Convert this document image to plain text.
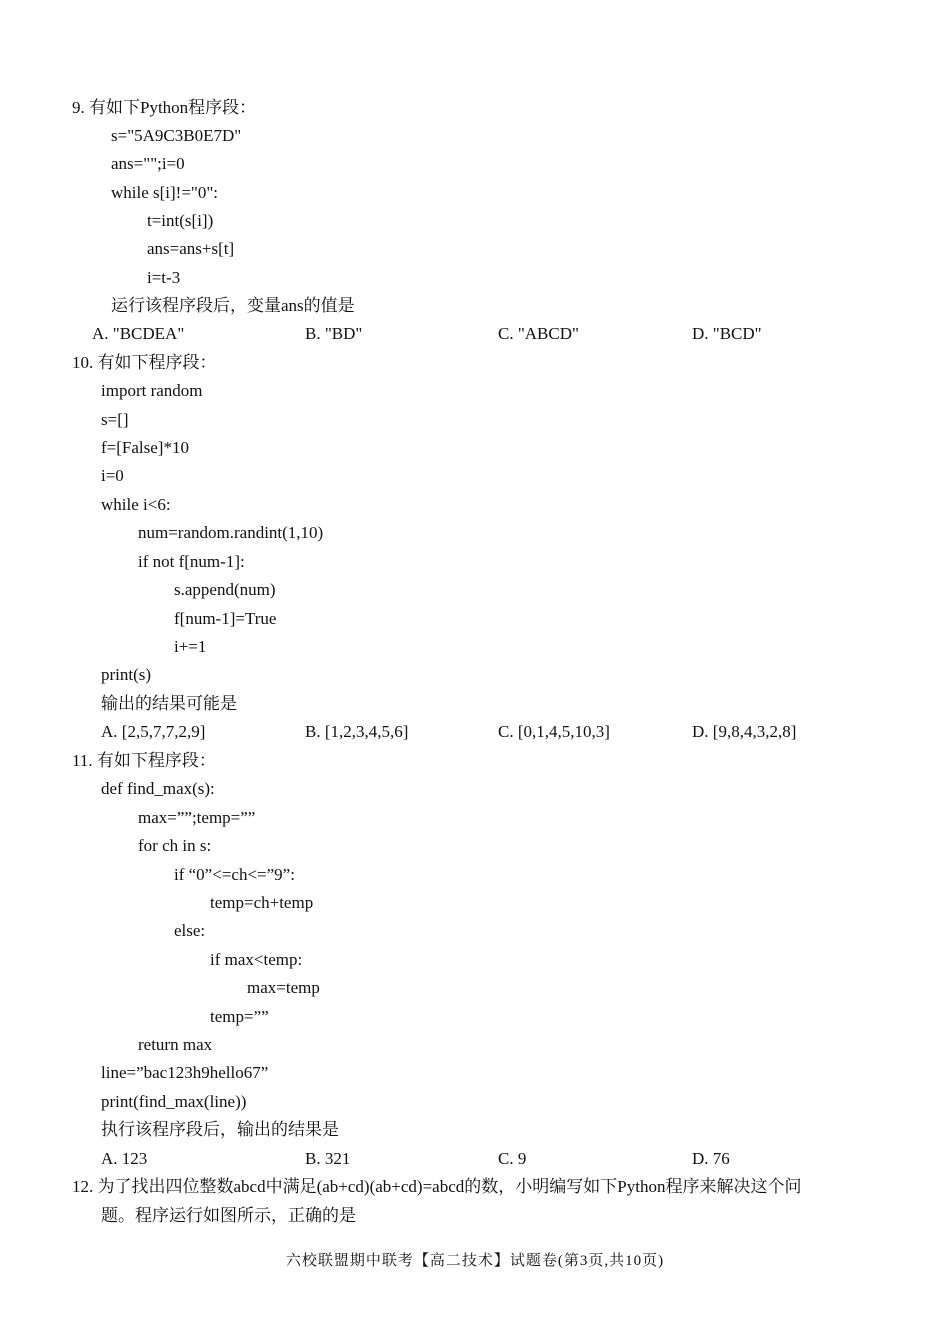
9. 有如下Python程序段：
s="5A9C3B0E7D"
ans="";i=0
while s[i]!="0":
t=int(s[i])
ans=ans+s[t]
i=t-3
运行该程序段后，变量ans的值是
A. "BCDEA"	B. "BD"	C. "ABCD"	D. "BCD"
10. 有如下程序段：
import random
s=[]
f=[False]*10
i=0
while i<6:
num=random.randint(1,10)
if not f[num-1]:
s.append(num)
f[num-1]=True
i+=1
print(s)
输出的结果可能是
A. [2,5,7,7,2,9]	B. [1,2,3,4,5,6]	C. [0,1,4,5,10,3]	D. [9,8,4,3,2,8]
11. 有如下程序段：
def find_max(s):
max=””;temp=””
for ch in s:
if “0”<=ch<=”9”:
temp=ch+temp
else:
if max<temp:
max=temp
temp=””
return max
line=”bac123h9hello67”
print(find_max(line))
执行该程序段后，输出的结果是
A. 123	B. 321	C. 9	D. 76
12. 为了找出四位整数abcd中满足(ab+cd)(ab+cd)=abcd的数，小明编写如下Python程序来解决这个问
题。程序运行如图所示，正确的是
六校联盟期中联考【高二技术】试题卷(第3页,共10页)
